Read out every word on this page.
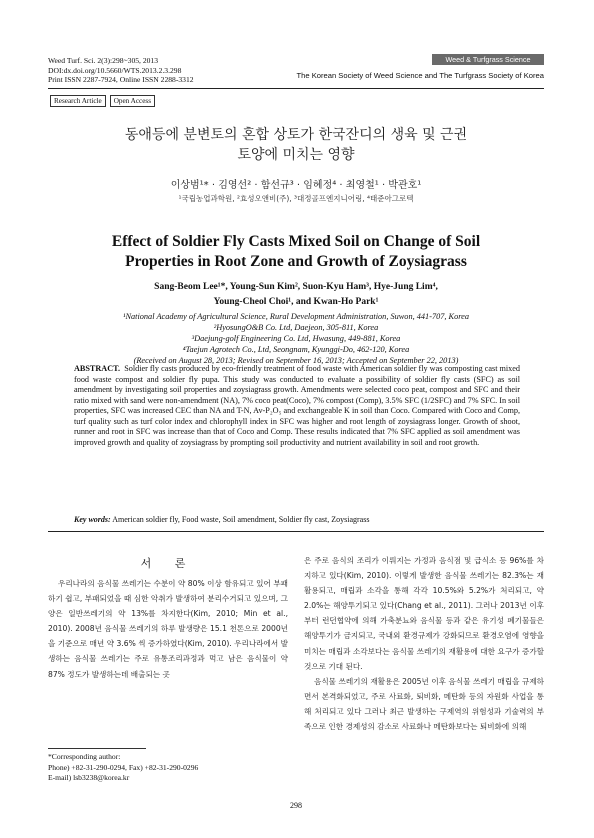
Weed Turf. Sci. 2(3):298~305, 2013
DOI:dx.doi.org/10.5660/WTS.2013.2.3.298
Print ISSN 2287-7924, Online ISSN 2288-3312
Weed & Turfgrass Science
The Korean Society of Weed Science and The Turfgrass Society of Korea
Research Article Open Access
동애등에 분변토의 혼합 상토가 한국잔디의 생육 및 근권
토양에 미치는 영향
이상범¹* · 김영선² · 함선규³ · 임혜정⁴ · 최영철¹ · 박관호¹
¹국립농업과학원, ²효성오앤비(주), ³대정골프엔지니어링, ⁴태준아그로텍
Effect of Soldier Fly Casts Mixed Soil on Change of Soil
Properties in Root Zone and Growth of Zoysiagrass
Sang-Beom Lee¹*, Young-Sun Kim², Suon-Kyu Ham³, Hye-Jung Lim⁴,
Young-Cheol Choi¹, and Kwan-Ho Park¹
¹National Academy of Agricultural Science, Rural Development Administration, Suwon, 441-707, Korea
²HyosungO&B Co. Ltd, Daejeon, 305-811, Korea
³Daejung-golf Engineering Co. Ltd, Hwasung, 449-881, Korea
⁴Taejun Agrotech Co., Ltd, Seongnam, Kyunggi-Do, 462-120, Korea
(Received on August 28, 2013; Revised on September 16, 2013; Accepted on September 22, 2013)
ABSTRACT. Soldier fly casts produced by eco-friendly treatment of food waste with American soldier fly was composting cast mixed food waste compost and soldier fly pupa. This study was conducted to evaluate a possibility of soldier fly casts (SFC) as soil amendment by investigating soil properties and zoysiagrass growth. Amendments were selected coco peat, compost and SFC and their ratio mixed with sand were non-amendment (NA), 7% coco peat(Coco), 7% compost (Comp), 3.5% SFC (1/2SFC) and 7% SFC. In soil properties, SFC was increased CEC than NA and T-N, Av-P₂O₅ and exchangeable K in soil than Coco. Compared with Coco and Comp, turf quality such as turf color index and chlorophyll index in SFC was higher and root length of zoysiagrass longer. Growth of shoot, runner and root in SFC was increase than that of Coco and Comp. These results indicated that 7% SFC applied as soil amendment was improved growth and quality of zoysiagrass by prompting soil productivity and nutrient availability in soil and root growth.
Key words: American soldier fly, Food waste, Soil amendment, Soldier fly cast, Zoysiagrass
서 론

우리나라의 음식물 쓰레기는 수분이 약 80% 이상 함유되고 있어 부패하기 쉽고, 부패되었을 때 심한 악취가 발생하여 분리수거되고 있으며, 그 양은 일반쓰레기의 약 13%를 차지한다(Kim, 2010; Min et al., 2010). 2008년 음식물 쓰레기의 하루 발생량은 15.1 천톤으로 2000년을 기준으로 매년 약 3.6% 씩 증가하였다(Kim, 2010). 우리나라에서 발생하는 음식물 쓰레기는 주로 유통조리과정과 먹고 남은 음식물이 약 87% 정도가 발생하는데 배출되는 곳

은 주로 음식의 조리가 이뤄지는 가정과 음식점 및 급식소 등 96%를 차지하고 있다(Kim, 2010). 이렇게 발생한 음식물 쓰레기는 82.3%는 재활용되고, 매립과 소각을 통해 각각 10.5%와 5.2%가 처리되고, 약 2.0%는 해양투기되고 있다(Chang et al., 2011). 그러나 2013년 이후부터 런던협약에 의해 가축분뇨와 음식물 등과 같은 유기성 폐기물들은 해양투기가 금지되고, 국내외 환경규제가 강화되므로 환경오염에 영향을 미치는 매립과 소각보다는 음식물 쓰레기의 재활용에 대한 요구가 증가할 것으로 기대 된다.

음식물 쓰레기의 재활용은 2005년 이후 음식물 쓰레기 매립을 규제하면서 본격화되었고, 주로 사료화, 퇴비화, 메탄화 등의 자원화 사업을 통해 처리되고 있다 그러나 최근 발생하는 구제역의 위험성과 기술력의 부족으로 인한 경제성의 감소로 사료화나 메탄화보다는 퇴비화에 의해

*Corresponding author:
Phone) +82-31-290-0294, Fax) +82-31-290-0296
E-mail) lsb3238@korea.kr
298
